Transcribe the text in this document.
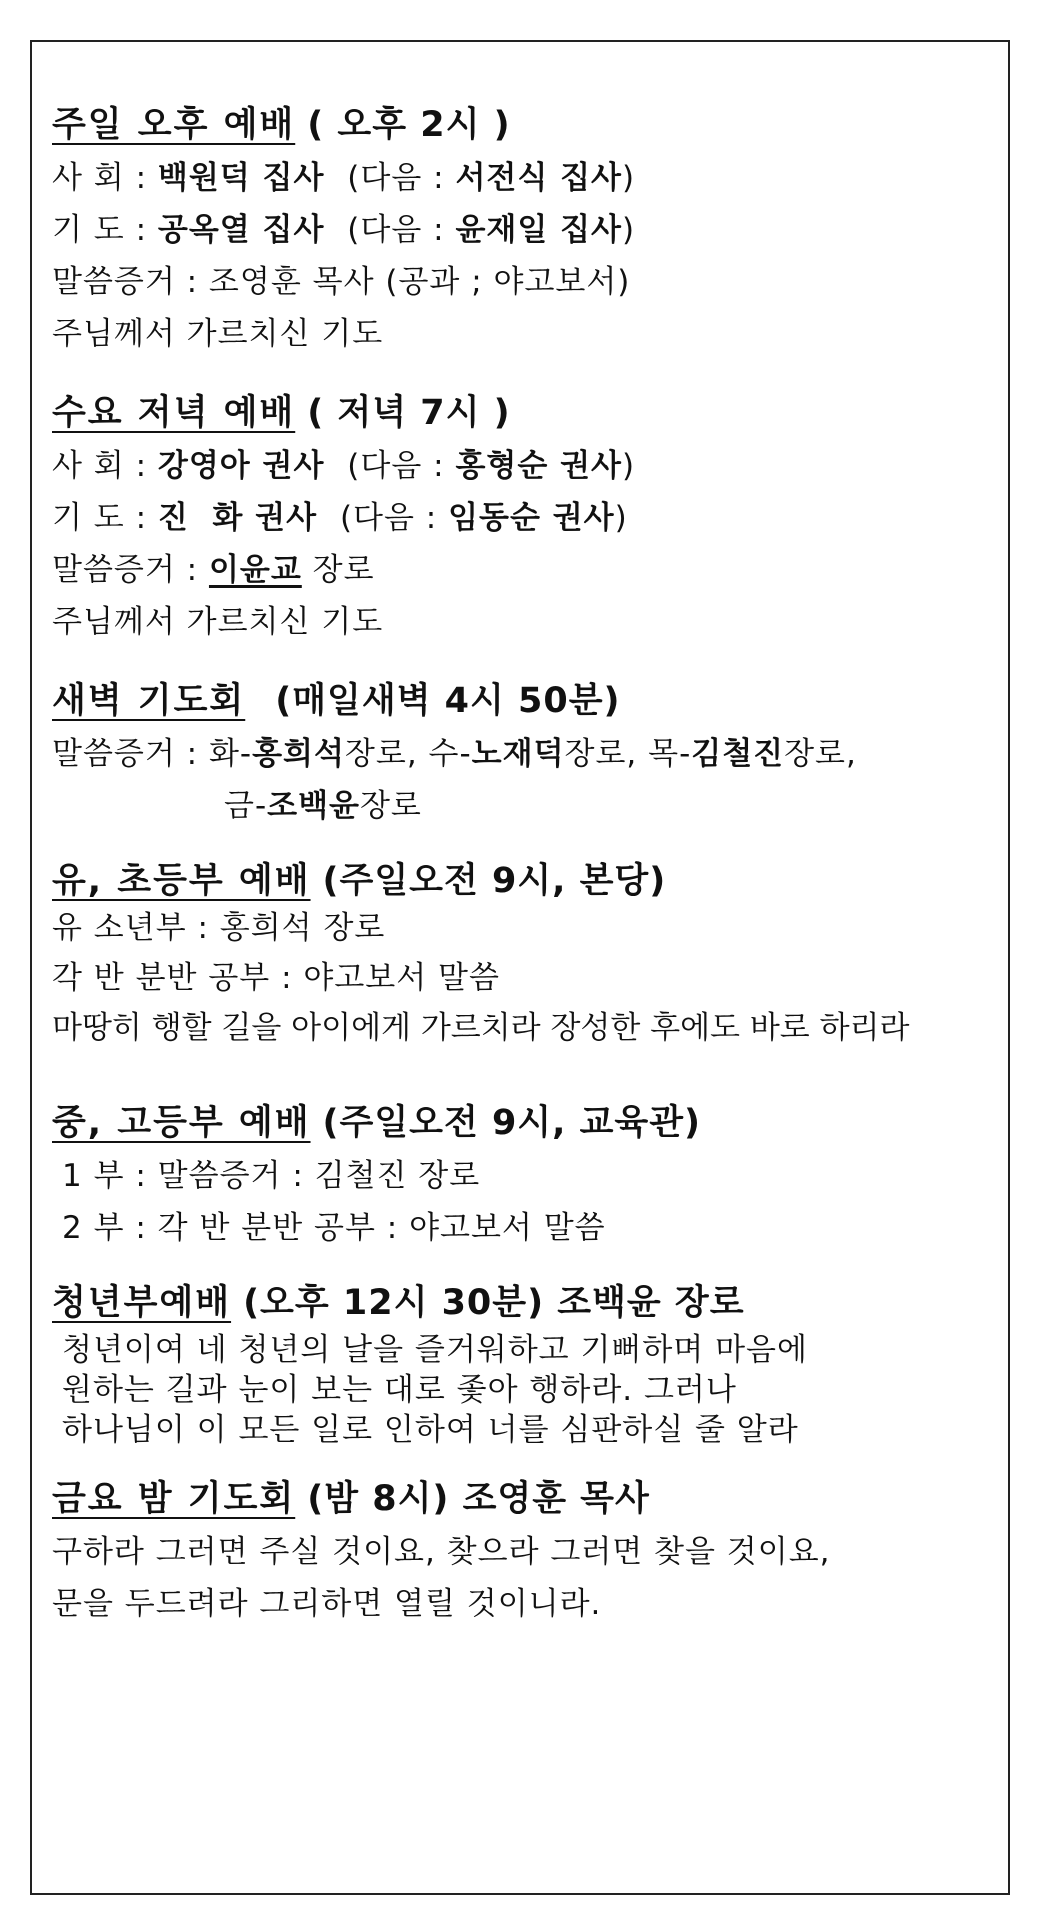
주일 오후 예배 ( 오후 2시 )
사 회 : 백원덕 집사 (다음 : 서전식 집사)
기 도 : 공옥열 집사 (다음 : 윤재일 집사)
말씀증거 : 조영훈 목사 (공과 ; 야고보서)
주님께서 가르치신 기도
수요 저녁 예배 ( 저녁 7시 )
사 회 : 강영아 권사 (다음 : 홍형순 권사)
기 도 : 진  화 권사 (다음 : 임동순 권사)
말씀증거 : 이윤교 장로
주님께서 가르치신 기도
새벽 기도회 (매일새벽 4시 50분)
말씀증거 : 화-홍희석장로, 수-노재덕장로, 목-김철진장로,
금-조백윤장로
유, 초등부 예배 (주일오전 9시, 본당)
유 소년부 : 홍희석 장로
각 반 분반 공부 : 야고보서 말씀
마땅히 행할 길을 아이에게 가르치라 장성한 후에도 바로 하리라
중, 고등부 예배 (주일오전 9시, 교육관)
1 부 : 말씀증거 : 김철진 장로
2 부 : 각 반 분반 공부 : 야고보서 말씀
청년부예배 (오후 12시 30분) 조백윤 장로
청년이여 네 청년의 날을 즐거워하고 기뻐하며 마음에
원하는 길과 눈이 보는 대로 좇아 행하라. 그러나
하나님이 이 모든 일로 인하여 너를 심판하실 줄 알라
금요 밤 기도회 (밤 8시) 조영훈 목사
구하라 그러면 주실 것이요, 찾으라 그러면 찾을 것이요,
문을 두드려라 그리하면 열릴 것이니라.
